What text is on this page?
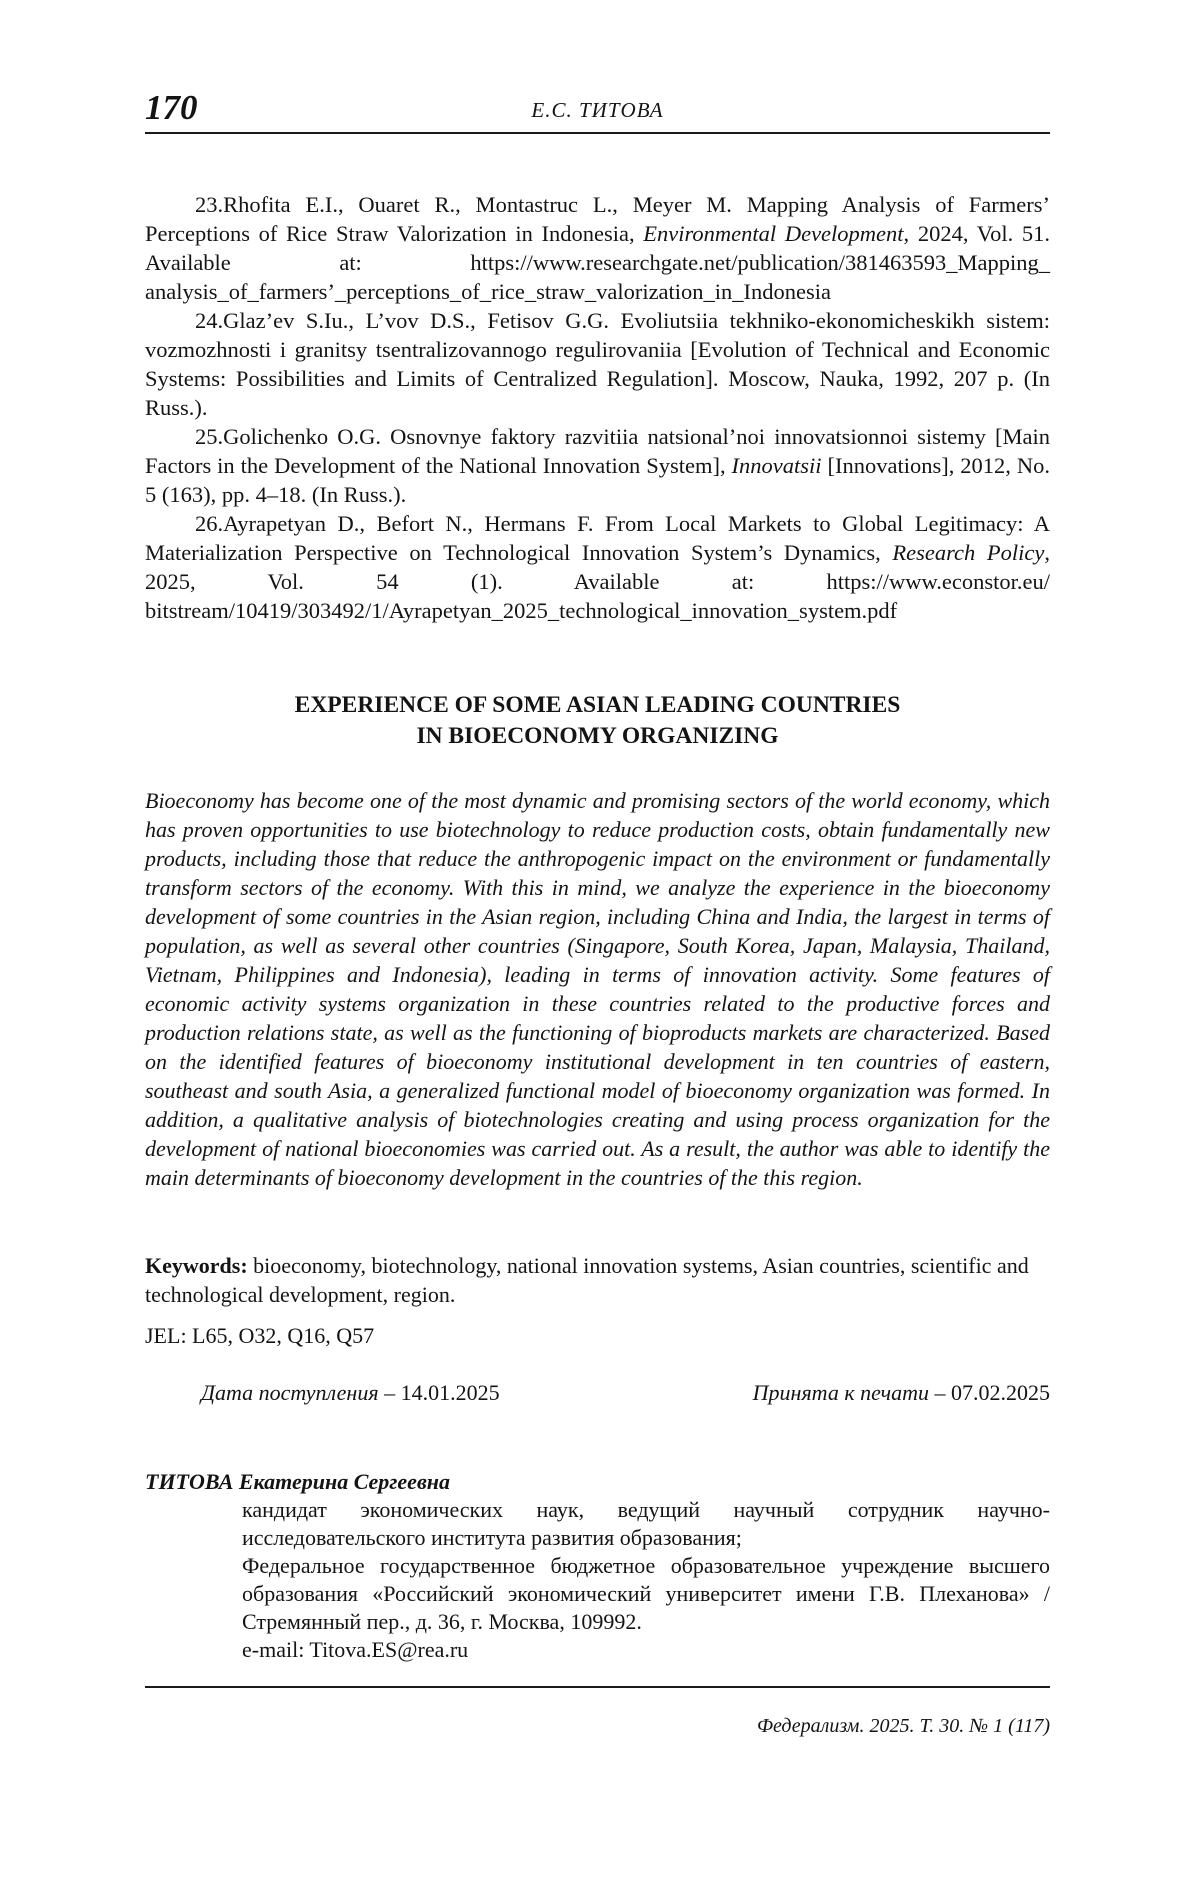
170	Е.С. ТИТОВА

23.Rhofita E.I., Ouaret R., Montastruc L., Meyer M. Mapping Analysis of Farmers’ Perceptions of Rice Straw Valorization in Indonesia, Environmental Development, 2024, Vol. 51. Available at: https://www.researchgate.net/publication/381463593_Mapping_ analysis_of_farmers’_perceptions_of_rice_straw_valorization_in_Indonesia

24.Glaz’ev S.Iu., L’vov D.S., Fetisov G.G. Evoliutsiia tekhniko-ekonomicheskikh sistem: vozmozhnosti i granitsy tsentralizovannogo regulirovaniia [Evolution of Technical and Economic Systems: Possibilities and Limits of Centralized Regulation]. Moscow, Nauka, 1992, 207 p. (In Russ.).

25.Golichenko O.G. Osnovnye faktory razvitiia natsional’noi innovatsionnoi sistemy [Main Factors in the Development of the National Innovation System], Innovatsii [Innovations], 2012, No. 5 (163), pp. 4–18. (In Russ.).

26.Ayrapetyan D., Befort N., Hermans F. From Local Markets to Global Legitimacy: A Materialization Perspective on Technological Innovation System’s Dynamics, Research Policy, 2025, Vol. 54 (1). Available at: https://www.econstor.eu/ bitstream/10419/303492/1/Ayrapetyan_2025_technological_innovation_system.pdf

EXPERIENCE OF SOME ASIAN LEADING COUNTRIES
IN BIOECONOMY ORGANIZING

Bioeconomy has become one of the most dynamic and promising sectors of the world economy, which has proven opportunities to use biotechnology to reduce production costs, obtain fundamentally new products, including those that reduce the anthropogenic impact on the environment or fundamentally transform sectors of the economy. With this in mind, we analyze the experience in the bioeconomy development of some countries in the Asian region, including China and India, the largest in terms of population, as well as several other countries (Singapore, South Korea, Japan, Malaysia, Thailand, Vietnam, Philippines and Indonesia), leading in terms of innovation activity. Some features of economic activity systems organization in these countries related to the productive forces and production relations state, as well as the functioning of bioproducts markets are characterized. Based on the identified features of bioeconomy institutional development in ten countries of eastern, southeast and south Asia, a generalized functional model of bioeconomy organization was formed. In addition, a qualitative analysis of biotechnologies creating and using process organization for the development of national bioeconomies was carried out. As a result, the author was able to identify the main determinants of bioeconomy development in the countries of the this region.

Keywords: bioeconomy, biotechnology, national innovation systems, Asian countries, scientific and technological development, region.

JEL: L65, O32, Q16, Q57

Дата поступления – 14.01.2025	Принята к печати – 07.02.2025
ТИТОВА Екатерина Сергеевна
кандидат экономических наук, ведущий научный сотрудник научно-исследовательского института развития образования;
Федеральное государственное бюджетное образовательное учреждение высшего образования «Российский экономический университет имени Г.В. Плеханова» / Стремянный пер., д. 36, г. Москва, 109992.
e-mail: Titova.ES@rea.ru
Федерализм. 2025. Т. 30. № 1 (117)
